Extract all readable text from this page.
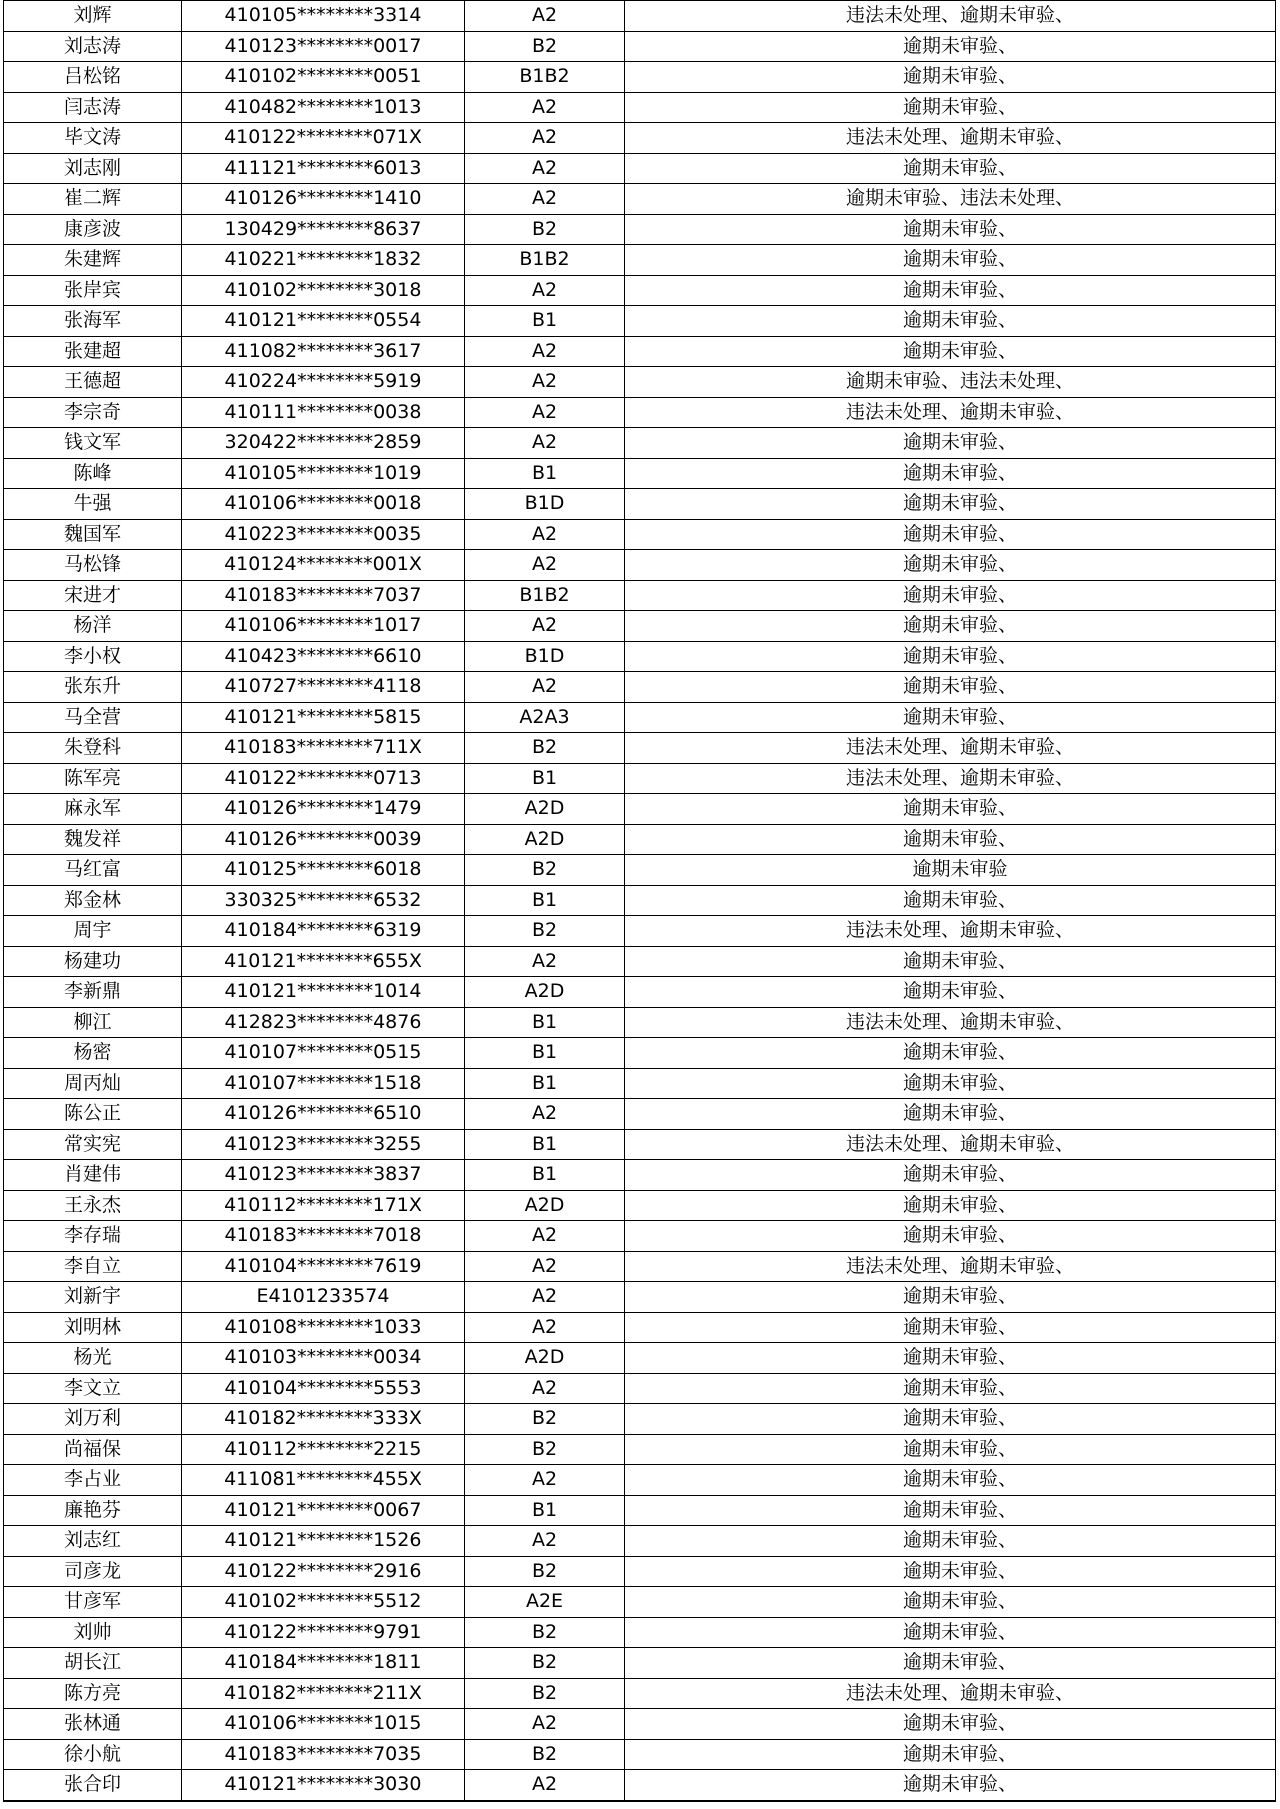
刘辉	410105********3314	A2	违法未处理、逾期未审验、
刘志涛	410123********0017	B2	逾期未审验、
吕松铭	410102********0051	B1B2	逾期未审验、
闫志涛	410482********1013	A2	逾期未审验、
毕文涛	410122********071X	A2	违法未处理、逾期未审验、
刘志刚	411121********6013	A2	逾期未审验、
崔二辉	410126********1410	A2	逾期未审验、违法未处理、
康彦波	130429********8637	B2	逾期未审验、
朱建辉	410221********1832	B1B2	逾期未审验、
张岸宾	410102********3018	A2	逾期未审验、
张海军	410121********0554	B1	逾期未审验、
张建超	411082********3617	A2	逾期未审验、
王德超	410224********5919	A2	逾期未审验、违法未处理、
李宗奇	410111********0038	A2	违法未处理、逾期未审验、
钱文军	320422********2859	A2	逾期未审验、
陈峰	410105********1019	B1	逾期未审验、
牛强	410106********0018	B1D	逾期未审验、
魏国军	410223********0035	A2	逾期未审验、
马松锋	410124********001X	A2	逾期未审验、
宋进才	410183********7037	B1B2	逾期未审验、
杨洋	410106********1017	A2	逾期未审验、
李小权	410423********6610	B1D	逾期未审验、
张东升	410727********4118	A2	逾期未审验、
马全营	410121********5815	A2A3	逾期未审验、
朱登科	410183********711X	B2	违法未处理、逾期未审验、
陈军亮	410122********0713	B1	违法未处理、逾期未审验、
麻永军	410126********1479	A2D	逾期未审验、
魏发祥	410126********0039	A2D	逾期未审验、
马红富	410125********6018	B2	逾期未审验
郑金林	330325********6532	B1	逾期未审验、
周宇	410184********6319	B2	违法未处理、逾期未审验、
杨建功	410121********655X	A2	逾期未审验、
李新鼎	410121********1014	A2D	逾期未审验、
柳江	412823********4876	B1	违法未处理、逾期未审验、
杨密	410107********0515	B1	逾期未审验、
周丙灿	410107********1518	B1	逾期未审验、
陈公正	410126********6510	A2	逾期未审验、
常实宪	410123********3255	B1	违法未处理、逾期未审验、
肖建伟	410123********3837	B1	逾期未审验、
王永杰	410112********171X	A2D	逾期未审验、
李存瑞	410183********7018	A2	逾期未审验、
李自立	410104********7619	A2	违法未处理、逾期未审验、
刘新宇	E4101233574	A2	逾期未审验、
刘明林	410108********1033	A2	逾期未审验、
杨光	410103********0034	A2D	逾期未审验、
李文立	410104********5553	A2	逾期未审验、
刘万利	410182********333X	B2	逾期未审验、
尚福保	410112********2215	B2	逾期未审验、
李占业	411081********455X	A2	逾期未审验、
廉艳芬	410121********0067	B1	逾期未审验、
刘志红	410121********1526	A2	逾期未审验、
司彦龙	410122********2916	B2	逾期未审验、
甘彦军	410102********5512	A2E	逾期未审验、
刘帅	410122********9791	B2	逾期未审验、
胡长江	410184********1811	B2	逾期未审验、
陈方亮	410182********211X	B2	违法未处理、逾期未审验、
张林通	410106********1015	A2	逾期未审验、
徐小航	410183********7035	B2	逾期未审验、
张合印	410121********3030	A2	逾期未审验、
